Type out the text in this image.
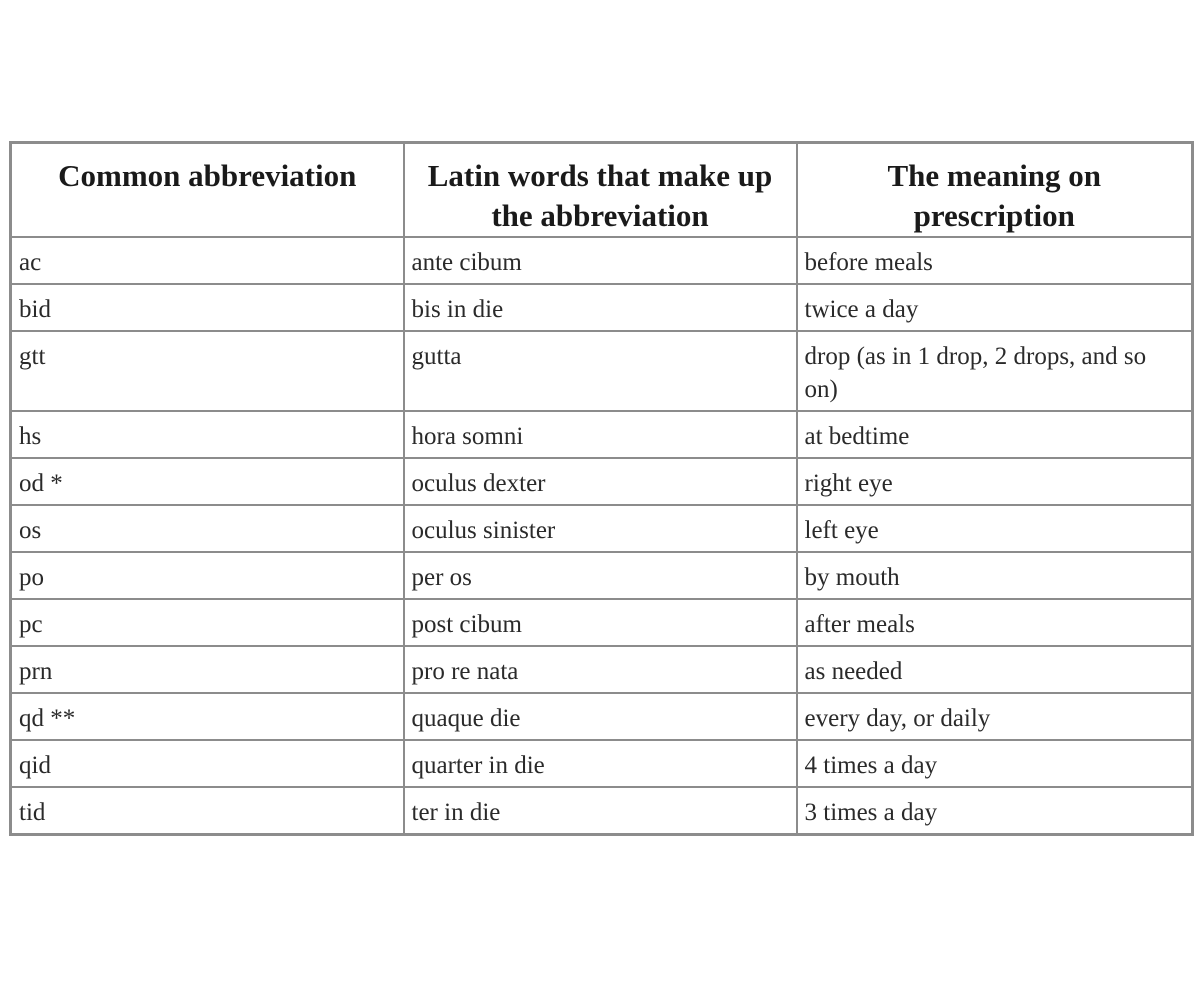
Common abbreviation	Latin words that make up the abbreviation	The meaning on prescription
ac	ante cibum	before meals
bid	bis in die	twice a day
gtt	gutta	drop (as in 1 drop, 2 drops, and so on)
hs	hora somni	at bedtime
od *	oculus dexter	right eye
os	oculus sinister	left eye
po	per os	by mouth
pc	post cibum	after meals
prn	pro re nata	as needed
qd **	quaque die	every day, or daily
qid	quarter in die	4 times a day
tid	ter in die	3 times a day
